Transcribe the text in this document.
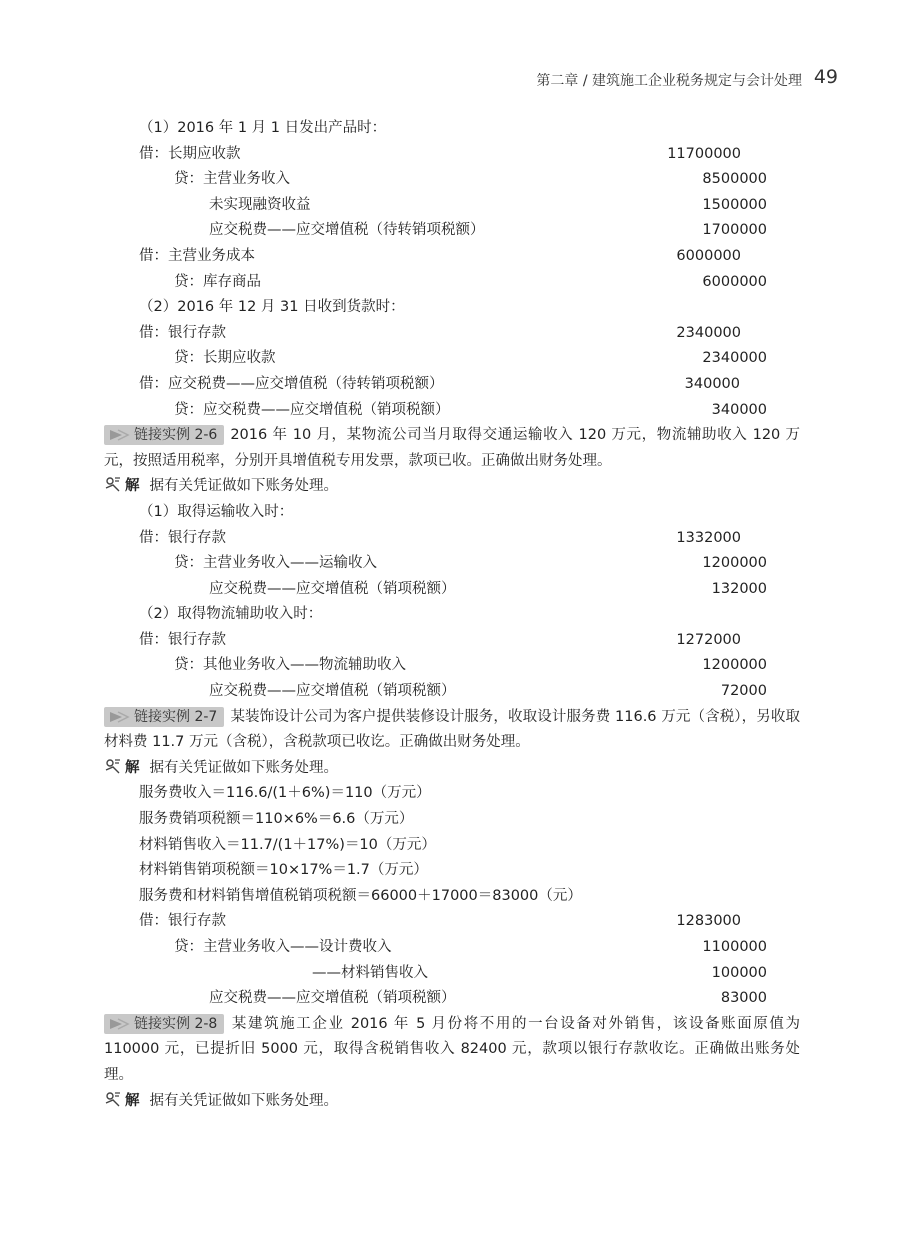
第二章 / 建筑施工企业税务规定与会计处理 49
（1）2016 年 1 月 1 日发出产品时：
借：长期应收款	11700000
贷：主营业务收入	8500000
未实现融资收益	1500000
应交税费——应交增值税（待转销项税额）	1700000
借：主营业务成本	6000000
贷：库存商品	6000000
（2）2016 年 12 月 31 日收到货款时：
借：银行存款	2340000
贷：长期应收款	2340000
借：应交税费——应交增值税（待转销项税额）	340000
贷：应交税费——应交增值税（销项税额）	340000
链接实例 2-6 2016 年 10 月，某物流公司当月取得交通运输收入 120 万元，物流辅助收入 120 万元，按照适用税率，分别开具增值税专用发票，款项已收。正确做出财务处理。
解 据有关凭证做如下账务处理。
（1）取得运输收入时：
借：银行存款	1332000
贷：主营业务收入——运输收入	1200000
应交税费——应交增值税（销项税额）	132000
（2）取得物流辅助收入时：
借：银行存款	1272000
贷：其他业务收入——物流辅助收入	1200000
应交税费——应交增值税（销项税额）	72000
链接实例 2-7 某装饰设计公司为客户提供装修设计服务，收取设计服务费 116.6 万元（含税），另收取材料费 11.7 万元（含税），含税款项已收讫。正确做出财务处理。
解 据有关凭证做如下账务处理。
服务费收入＝116.6/(1＋6%)＝110（万元）
服务费销项税额＝110×6%＝6.6（万元）
材料销售收入＝11.7/(1＋17%)＝10（万元）
材料销售销项税额＝10×17%＝1.7（万元）
服务费和材料销售增值税销项税额＝66000＋17000＝83000（元）
借：银行存款	1283000
贷：主营业务收入——设计费收入	1100000
——材料销售收入	100000
应交税费——应交增值税（销项税额）	83000
链接实例 2-8 某建筑施工企业 2016 年 5 月份将不用的一台设备对外销售，该设备账面原值为 110000 元，已提折旧 5000 元，取得含税销售收入 82400 元，款项以银行存款收讫。正确做出账务处理。
解 据有关凭证做如下账务处理。
